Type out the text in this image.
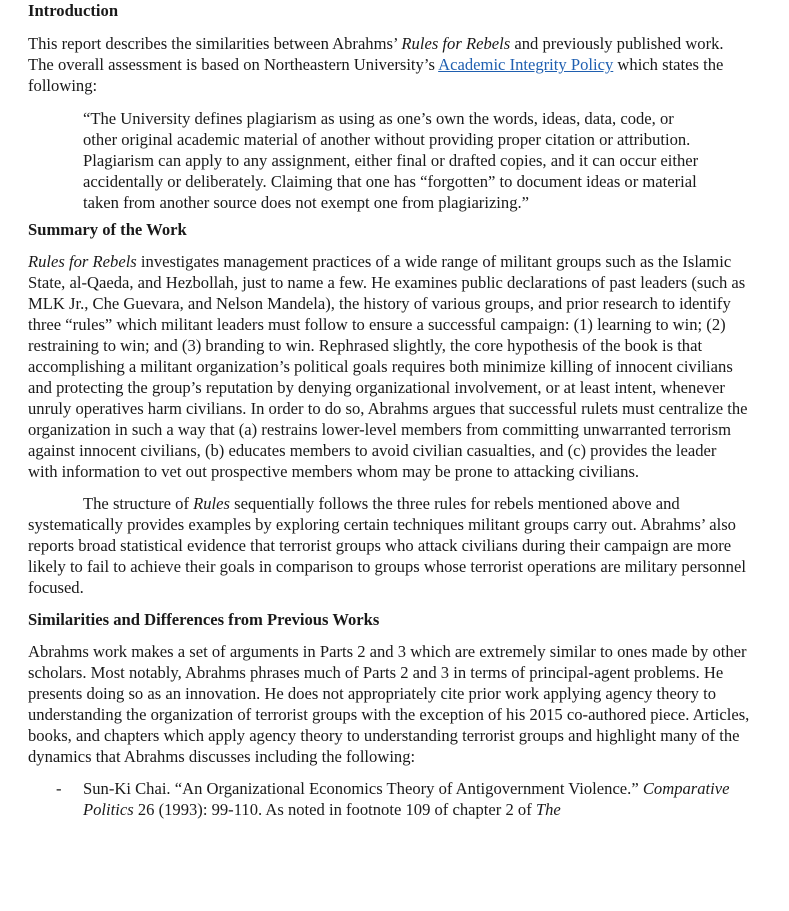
Introduction

This report describes the similarities between Abrahms’ Rules for Rebels and previously published work. The overall assessment is based on Northeastern University’s Academic Integrity Policy which states the following:

“The University defines plagiarism as using as one’s own the words, ideas, data, code, or other original academic material of another without providing proper citation or attribution. Plagiarism can apply to any assignment, either final or drafted copies, and it can occur either accidentally or deliberately. Claiming that one has “forgotten” to document ideas or material taken from another source does not exempt one from plagiarizing.”

Summary of the Work

Rules for Rebels investigates management practices of a wide range of militant groups such as the Islamic State, al-Qaeda, and Hezbollah, just to name a few. He examines public declarations of past leaders (such as MLK Jr., Che Guevara, and Nelson Mandela), the history of various groups, and prior research to identify three “rules” which militant leaders must follow to ensure a successful campaign: (1) learning to win; (2) restraining to win; and (3) branding to win. Rephrased slightly, the core hypothesis of the book is that accomplishing a militant organization’s political goals requires both minimize killing of innocent civilians and protecting the group’s reputation by denying organizational involvement, or at least intent, whenever unruly operatives harm civilians. In order to do so, Abrahms argues that successful rulets must centralize the organization in such a way that (a) restrains lower-level members from committing unwarranted terrorism against innocent civilians, (b) educates members to avoid civilian casualties, and (c) provides the leader with information to vet out prospective members whom may be prone to attacking civilians.

The structure of Rules sequentially follows the three rules for rebels mentioned above and systematically provides examples by exploring certain techniques militant groups carry out. Abrahms’ also reports broad statistical evidence that terrorist groups who attack civilians during their campaign are more likely to fail to achieve their goals in comparison to groups whose terrorist operations are military personnel focused.

Similarities and Differences from Previous Works

Abrahms work makes a set of arguments in Parts 2 and 3 which are extremely similar to ones made by other scholars. Most notably, Abrahms phrases much of Parts 2 and 3 in terms of principal-agent problems. He presents doing so as an innovation. He does not appropriately cite prior work applying agency theory to understanding the organization of terrorist groups with the exception of his 2015 co-authored piece. Articles, books, and chapters which apply agency theory to understanding terrorist groups and highlight many of the dynamics that Abrahms discusses including the following:

- Sun-Ki Chai. “An Organizational Economics Theory of Antigovernment Violence.” Comparative Politics 26 (1993): 99-110. As noted in footnote 109 of chapter 2 of The
